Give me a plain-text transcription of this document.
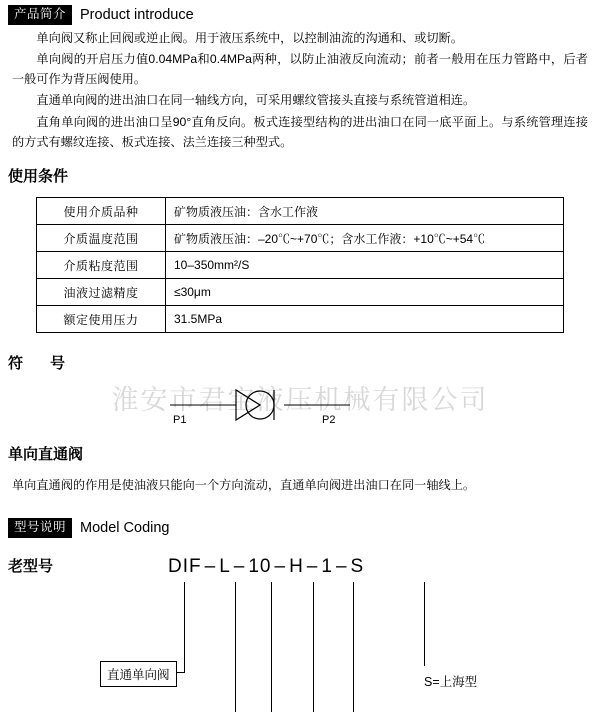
产品简介 Product introduce

单向阀又称止回阀或逆止阀。用于液压系统中，以控制油流的沟通和、或切断。

单向阀的开启压力值0.04MPa和0.4MPa两种，以防止油液反向流动；前者一般用在压力管路中，后者一般可作为背压阀使用。

直通单向阀的进出油口在同一轴线方向，可采用螺纹管接头直接与系统管道相连。

直角单向阀的进出油口呈90°直角反向。板式连接型结构的进出油口在同一底平面上。与系统管理连接的方式有螺纹连接、板式连接、法兰连接三种型式。

使用条件
使用介质品种	矿物质液压油：含水工作液
介质温度范围	矿物质液压油：–20℃~+70℃；含水工作液：+10℃~+54℃
介质粘度范围	10–350mm²/S
油液过滤精度	≤30μm
额定使用压力	31.5MPa
符　号
淮安市君宝液压机械有限公司
P1	P2
单向直通阀
单向直通阀的作用是使油液只能向一个方向流动，直通单向阀进出油口在同一轴线上。
型号说明 Model Coding
老型号	DIF – L – 10 – H – 1 – S
直通单向阀	S=上海型
